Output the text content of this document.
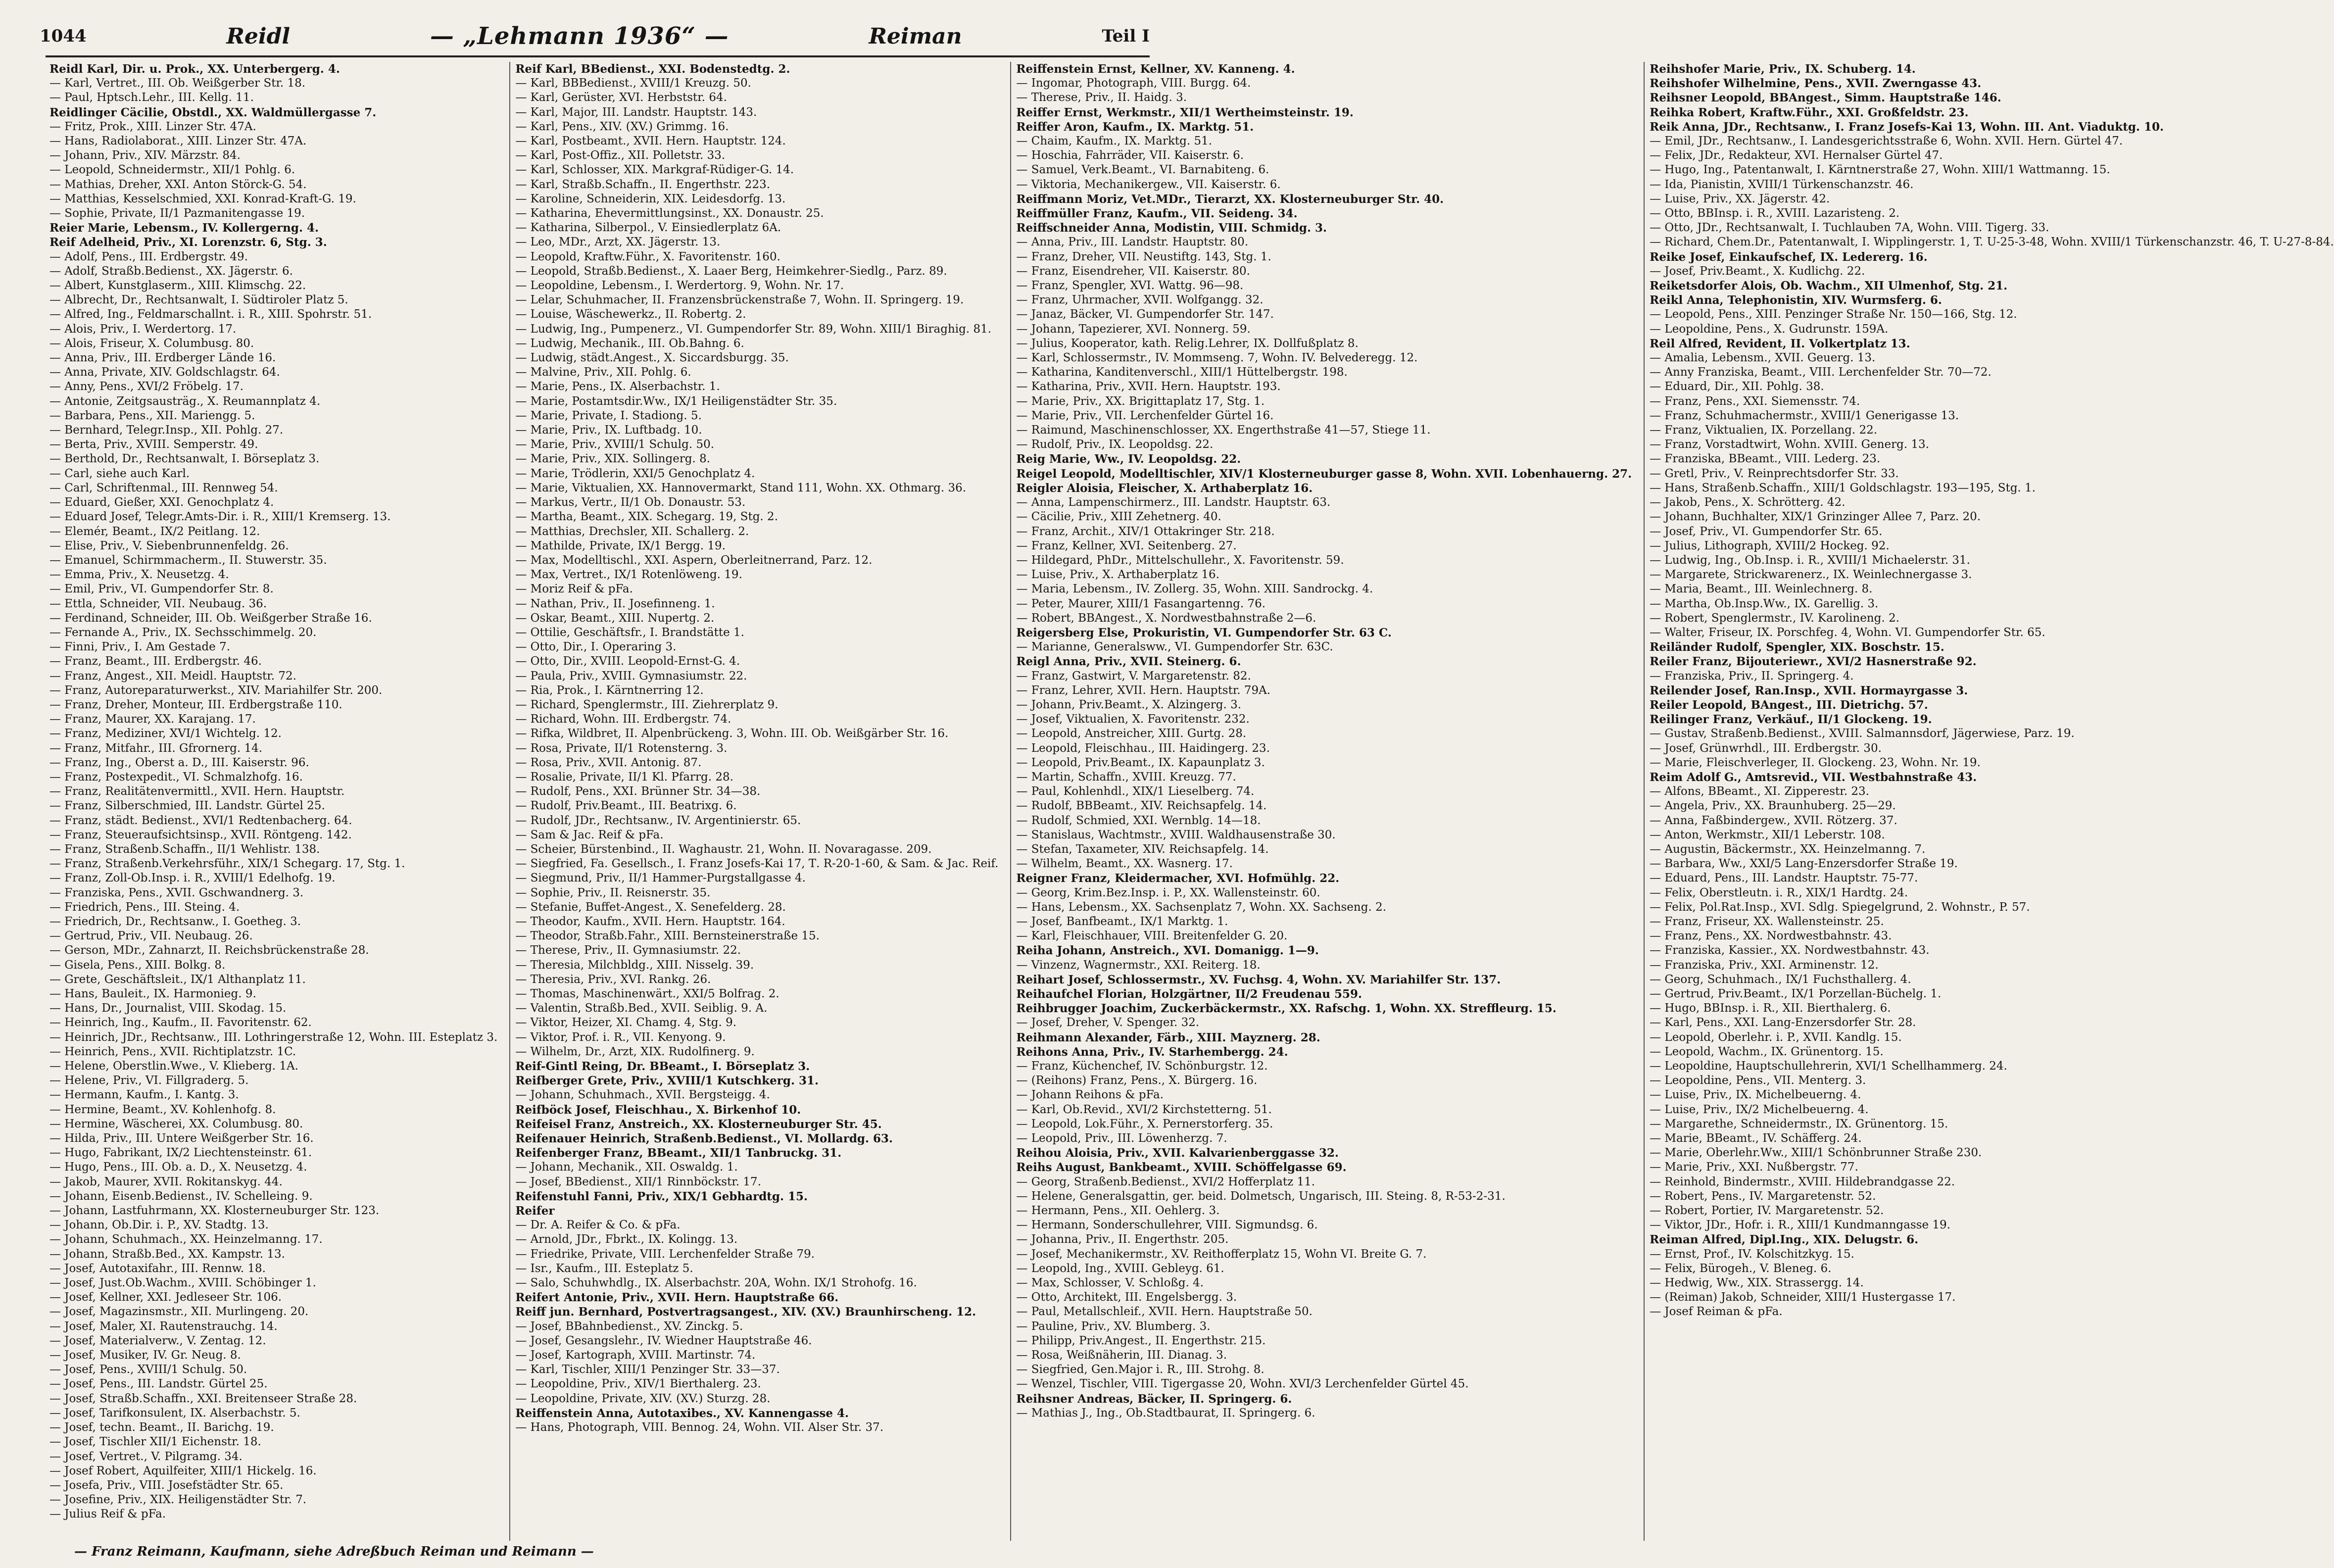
1044	Reidl	— „Lehmann 1936“ —	Reiman	Teil I
Reidl Karl, Dir. u. Prok., XX. Unterbergerg. 4.
— Karl, Vertret., III. Ob. Weißgerber Str. 18.
— Paul, Hptsch.Lehr., III. Kellg. 11.
Reidlinger Cäcilie, Obstdl., XX. Waldmüllergasse 7.
— Fritz, Prok., XIII. Linzer Str. 47A.
— Hans, Radiolaborat., XIII. Linzer Str. 47A.
— Johann, Priv., XIV. Märzstr. 84.
— Leopold, Schneidermstr., XII/1 Pohlg. 6.
— Mathias, Dreher, XXI. Anton Störck-G. 54.
— Matthias, Kesselschmied, XXI. Konrad-Kraft-G. 19.
— Sophie, Private, II/1 Pazmanitengasse 19.
Reier Marie, Lebensm., IV. Kollergerng. 4.
Reif Adelheid, Priv., XI. Lorenzstr. 6, Stg. 3.
— Adolf, Pens., III. Erdbergstr. 49.
— Adolf, Straßb.Bedienst., XX. Jägerstr. 6.
— Albert, Kunstglaserm., XIII. Klimschg. 22.
— Albrecht, Dr., Rechtsanwalt, I. Südtiroler Platz 5.
— Alfred, Ing., Feldmarschallnt. i. R., XIII. Spohrstr. 51.
— Alois, Priv., I. Werdertorg. 17.
— Alois, Friseur, X. Columbusg. 80.
— Anna, Priv., III. Erdberger Lände 16.
— Anna, Private, XIV. Goldschlagstr. 64.
— Anny, Pens., XVI/2 Fröbelg. 17.
— Antonie, Zeitgsausträg., X. Reumannplatz 4.
— Barbara, Pens., XII. Mariengg. 5.
— Bernhard, Telegr.Insp., XII. Pohlg. 27.
— Berta, Priv., XVIII. Semperstr. 49.
— Berthold, Dr., Rechtsanwalt, I. Börseplatz 3.
— Carl, siehe auch Karl.
— Carl, Schriftenmal., III. Rennweg 54.
— Eduard, Gießer, XXI. Genochplatz 4.
— Eduard Josef, Telegr.Amts-Dir. i. R., XIII/1 Kremserg. 13.
— Elemér, Beamt., IX/2 Peitlang. 12.
— Elise, Priv., V. Siebenbrunnenfeldg. 26.
— Emanuel, Schirmmacherm., II. Stuwerstr. 35.
— Emma, Priv., X. Neusetzg. 4.
— Emil, Priv., VI. Gumpendorfer Str. 8.
— Ettla, Schneider, VII. Neubaug. 36.
— Ferdinand, Schneider, III. Ob. Weißgerber Straße 16.
— Fernande A., Priv., IX. Sechsschimmelg. 20.
— Finni, Priv., I. Am Gestade 7.
— Franz, Beamt., III. Erdbergstr. 46.
— Franz, Angest., XII. Meidl. Hauptstr. 72.
— Franz, Autoreparaturwerkst., XIV. Mariahilfer Str. 200.
— Franz, Dreher, Monteur, III. Erdbergstraße 110.
— Franz, Maurer, XX. Karajang. 17.
— Franz, Mediziner, XVI/1 Wichtelg. 12.
— Franz, Mitfahr., III. Gfrornerg. 14.
— Franz, Ing., Oberst a. D., III. Kaiserstr. 96.
— Franz, Postexpedit., VI. Schmalzhofg. 16.
— Franz, Realitätenvermittl., XVII. Hern. Hauptstr.
— Franz, Silberschmied, III. Landstr. Gürtel 25.
— Franz, städt. Bedienst., XVI/1 Redtenbacherg. 64.
— Franz, Steueraufsichtsinsp., XVII. Röntgeng. 142.
— Franz, Straßenb.Schaffn., II/1 Wehlistr. 138.
— Franz, Straßenb.Verkehrsführ., XIX/1 Schegarg. 17, Stg. 1.
— Franz, Zoll-Ob.Insp. i. R., XVIII/1 Edelhofg. 19.
— Franziska, Pens., XVII. Gschwandnerg. 3.
— Friedrich, Pens., III. Steing. 4.
— Friedrich, Dr., Rechtsanw., I. Goetheg. 3.
— Gertrud, Priv., VII. Neubaug. 26.
— Gerson, MDr., Zahnarzt, II. Reichsbrückenstraße 28.
— Gisela, Pens., XIII. Bolkg. 8.
— Grete, Geschäftsleit., IX/1 Althanplatz 11.
— Hans, Bauleit., IX. Harmonieg. 9.
— Hans, Dr., Journalist, VIII. Skodag. 15.
— Heinrich, Ing., Kaufm., II. Favoritenstr. 62.
— Heinrich, JDr., Rechtsanw., III. Lothringerstraße 12, Wohn. III. Esteplatz 3.
— Heinrich, Pens., XVII. Richtiplatzstr. 1C.
— Helene, Oberstlin.Wwe., V. Klieberg. 1A.
— Helene, Priv., VI. Fillgraderg. 5.
— Hermann, Kaufm., I. Kantg. 3.
— Hermine, Beamt., XV. Kohlenhofg. 8.
— Hermine, Wäscherei, XX. Columbusg. 80.
— Hilda, Priv., III. Untere Weißgerber Str. 16.
— Hugo, Fabrikant, IX/2 Liechtensteinstr. 61.
— Hugo, Pens., III. Ob. a. D., X. Neusetzg. 4.
— Jakob, Maurer, XVII. Rokitanskyg. 44.
— Johann, Eisenb.Bedienst., IV. Schelleing. 9.
— Johann, Lastfuhrmann, XX. Klosterneuburger Str. 123.
— Johann, Ob.Dir. i. P., XV. Stadtg. 13.
— Johann, Schuhmach., XX. Heinzelmanng. 17.
— Johann, Straßb.Bed., XX. Kampstr. 13.
— Josef, Autotaxifahr., III. Rennw. 18.
— Josef, Just.Ob.Wachm., XVIII. Schöbinger 1.
— Josef, Kellner, XXI. Jedleseer Str. 106.
— Josef, Magazinsmstr., XII. Murlingeng. 20.
— Josef, Maler, XI. Rautenstrauchg. 14.
— Josef, Materialverw., V. Zentag. 12.
— Josef, Musiker, IV. Gr. Neug. 8.
— Josef, Pens., XVIII/1 Schulg. 50.
— Josef, Pens., III. Landstr. Gürtel 25.
— Josef, Straßb.Schaffn., XXI. Breitenseer Straße 28.
— Josef, Tarifkonsulent, IX. Alserbachstr. 5.
— Josef, techn. Beamt., II. Barichg. 19.
— Josef, Tischler XII/1 Eichenstr. 18.
— Josef, Vertret., V. Pilgramg. 34.
— Josef Robert, Aquilfeiter, XIII/1 Hickelg. 16.
— Josefa, Priv., VIII. Josefstädter Str. 65.
— Josefine, Priv., XIX. Heiligenstädter Str. 7.
— Julius Reif & pFa.
Reif Karl, BBedienst., XXI. Bodenstedtg. 2.
— Karl, BBBedienst., XVIII/1 Kreuzg. 50.
— Karl, Gerüster, XVI. Herbststr. 64.
— Karl, Major, III. Landstr. Hauptstr. 143.
— Karl, Pens., XIV. (XV.) Grimmg. 16.
— Karl, Postbeamt., XVII. Hern. Hauptstr. 124.
— Karl, Post-Offiz., XII. Polletstr. 33.
— Karl, Schlosser, XIX. Markgraf-Rüdiger-G. 14.
— Karl, Straßb.Schaffn., II. Engerthstr. 223.
— Karoline, Schneiderin, XIX. Leidesdorfg. 13.
— Katharina, Ehevermittlungsinst., XX. Donaustr. 25.
— Katharina, Silberpol., V. Einsiedlerplatz 6A.
— Leo, MDr., Arzt, XX. Jägerstr. 13.
— Leopold, Kraftw.Führ., X. Favoritenstr. 160.
— Leopold, Straßb.Bedienst., X. Laaer Berg, Heimkehrer-Siedlg., Parz. 89.
— Leopoldine, Lebensm., I. Werdertorg. 9, Wohn. Nr. 17.
— Lelar, Schuhmacher, II. Franzensbrückenstraße 7, Wohn. II. Springerg. 19.
— Louise, Wäschewerkz., II. Robertg. 2.
— Ludwig, Ing., Pumpenerz., VI. Gumpendorfer Str. 89, Wohn. XIII/1 Biraghig. 81.
— Ludwig, Mechanik., III. Ob.Bahng. 6.
— Ludwig, städt.Angest., X. Siccardsburgg. 35.
— Malvine, Priv., XII. Pohlg. 6.
— Marie, Pens., IX. Alserbachstr. 1.
— Marie, Postamtsdir.Ww., IX/1 Heiligenstädter Str. 35.
— Marie, Private, I. Stadiong. 5.
— Marie, Priv., IX. Luftbadg. 10.
— Marie, Priv., XVIII/1 Schulg. 50.
— Marie, Priv., XIX. Sollingerg. 8.
— Marie, Trödlerin, XXI/5 Genochplatz 4.
— Marie, Viktualien, XX. Hannovermarkt, Stand 111, Wohn. XX. Othmarg. 36.
— Markus, Vertr., II/1 Ob. Donaustr. 53.
— Martha, Beamt., XIX. Schegarg. 19, Stg. 2.
— Matthias, Drechsler, XII. Schallerg. 2.
— Mathilde, Private, IX/1 Bergg. 19.
— Max, Modelltischl., XXI. Aspern, Oberleitnerrand, Parz. 12.
— Max, Vertret., IX/1 Rotenlöweng. 19.
— Moriz Reif & pFa.
— Nathan, Priv., II. Josefinneng. 1.
— Oskar, Beamt., XIII. Nupertg. 2.
— Ottilie, Geschäftsfr., I. Brandstätte 1.
— Otto, Dir., I. Operaring 3.
— Otto, Dir., XVIII. Leopold-Ernst-G. 4.
— Paula, Priv., XVIII. Gymnasiumstr. 22.
— Ria, Prok., I. Kärntnerring 12.
— Richard, Spenglermstr., III. Ziehrerplatz 9.
— Richard, Wohn. III. Erdbergstr. 74.
— Rifka, Wildbret, II. Alpenbrückeng. 3, Wohn. III. Ob. Weißgärber Str. 16.
— Rosa, Private, II/1 Rotensterng. 3.
— Rosa, Priv., XVII. Antonig. 87.
— Rosalie, Private, II/1 Kl. Pfarrg. 28.
— Rudolf, Pens., XXI. Brünner Str. 34—38.
— Rudolf, Priv.Beamt., III. Beatrixg. 6.
— Rudolf, JDr., Rechtsanw., IV. Argentinierstr. 65.
— Sam & Jac. Reif & pFa.
— Scheier, Bürstenbind., II. Waghaustr. 21, Wohn. II. Novaragasse. 209.
— Siegfried, Fa. Gesellsch., I. Franz Josefs-Kai 17, Т. R-20-1-60, & Sam. & Jac. Reif.
— Siegmund, Priv., II/1 Hammer-Purgstallgasse 4.
— Sophie, Priv., II. Reisnerstr. 35.
— Stefanie, Buffet-Angest., X. Senefelderg. 28.
— Theodor, Kaufm., XVII. Hern. Hauptstr. 164.
— Theodor, Straßb.Fahr., XIII. Bernsteinerstraße 15.
— Therese, Priv., II. Gymnasiumstr. 22.
— Theresia, Milchbldg., XIII. Nisselg. 39.
— Theresia, Priv., XVI. Rankg. 26.
— Thomas, Maschinenwärt., XXI/5 Bolfrag. 2.
— Valentin, Straßb.Bed., XVII. Seiblig. 9. A.
— Viktor, Heizer, XI. Chamg. 4, Stg. 9.
— Viktor, Prof. i. R., VII. Kenyong. 9.
— Wilhelm, Dr., Arzt, XIX. Rudolfinerg. 9.
Reif-Gintl Reing, Dr. BBeamt., I. Börseplatz 3.
Reifberger Grete, Priv., XVIII/1 Kutschkerg. 31.
— Johann, Schuhmach., XVII. Bergsteigg. 4.
Reifböck Josef, Fleischhau., X. Birkenhof 10.
Reifeisel Franz, Anstreich., XX. Klosterneuburger Str. 45.
Reifenauer Heinrich, Straßenb.Bedienst., VI. Mollardg. 63.
Reifenberger Franz, BBeamt., XII/1 Tanbruckg. 31.
— Johann, Mechanik., XII. Oswaldg. 1.
— Josef, BBedienst., XII/1 Rinnböckstr. 17.
Reifenstuhl Fanni, Priv., XIX/1 Gebhardtg. 15.
Reifer
— Dr. A. Reifer & Co. & pFa.
— Arnold, JDr., Fbrkt., IX. Kolingg. 13.
— Friedrike, Private, VIII. Lerchenfelder Straße 79.
— Isr., Kaufm., III. Esteplatz 5.
— Salo, Schuhwhdlg., IX. Alserbachstr. 20A, Wohn. IX/1 Strohofg. 16.
Reifert Antonie, Priv., XVII. Hern. Hauptstraße 66.
Reiff jun. Bernhard, Postvertragsangest., XIV. (XV.) Braunhirscheng. 12.
— Josef, BBahnbedienst., XV. Zinckg. 5.
— Josef, Gesangslehr., IV. Wiedner Hauptstraße 46.
— Josef, Kartograph, XVIII. Martinstr. 74.
— Karl, Tischler, XIII/1 Penzinger Str. 33—37.
— Leopoldine, Priv., XIV/1 Bierthalerg. 23.
— Leopoldine, Private, XIV. (XV.) Sturzg. 28.
Reiffenstein Anna, Autotaxibes., XV. Kannengasse 4.
— Hans, Photograph, VIII. Bennog. 24, Wohn. VII. Alser Str. 37.
Reiffenstein Ernst, Kellner, XV. Kanneng. 4.
— Ingomar, Photograph, VIII. Burgg. 64.
— Therese, Priv., II. Haidg. 3.
Reiffer Ernst, Werkmstr., XII/1 Wertheimsteinstr. 19.
Reiffer Aron, Kaufm., IX. Marktg. 51.
— Chaim, Kaufm., IX. Marktg. 51.
— Hoschia, Fahrräder, VII. Kaiserstr. 6.
— Samuel, Verk.Beamt., VI. Barnabiteng. 6.
— Viktoria, Mechanikergew., VII. Kaiserstr. 6.
Reiffmann Moriz, Vet.MDr., Tierarzt, XX. Klosterneuburger Str. 40.
Reiffmüller Franz, Kaufm., VII. Seideng. 34.
Reiffschneider Anna, Modistin, VIII. Schmidg. 3.
— Anna, Priv., III. Landstr. Hauptstr. 80.
— Franz, Dreher, VII. Neustiftg. 143, Stg. 1.
— Franz, Eisendreher, VII. Kaiserstr. 80.
— Franz, Spengler, XVI. Wattg. 96—98.
— Franz, Uhrmacher, XVII. Wolfgangg. 32.
— Janaz, Bäcker, VI. Gumpendorfer Str. 147.
— Johann, Tapezierer, XVI. Nonnerg. 59.
— Julius, Kooperator, kath. Relig.Lehrer, IX. Dollfußplatz 8.
— Karl, Schlossermstr., IV. Mommseng. 7, Wohn. IV. Belvederegg. 12.
— Katharina, Kanditenverschl., XIII/1 Hüttelbergstr. 198.
— Katharina, Priv., XVII. Hern. Hauptstr. 193.
— Marie, Priv., XX. Brigittaplatz 17, Stg. 1.
— Marie, Priv., VII. Lerchenfelder Gürtel 16.
— Raimund, Maschinenschlosser, XX. Engerthstraße 41—57, Stiege 11.
— Rudolf, Priv., IX. Leopoldsg. 22.
Reig Marie, Ww., IV. Leopoldsg. 22.
Reigel Leopold, Modelltischler, XIV/1 Klosterneuburger gasse 8, Wohn. XVII. Lobenhauerng. 27.
Reigler Aloisia, Fleischer, X. Arthaberplatz 16.
— Anna, Lampenschirmerz., III. Landstr. Hauptstr. 63.
— Cäcilie, Priv., XIII Zehetnerg. 40.
— Franz, Archit., XIV/1 Ottakringer Str. 218.
— Franz, Kellner, XVI. Seitenberg. 27.
— Hildegard, PhDr., Mittelschullehr., X. Favoritenstr. 59.
— Luise, Priv., X. Arthaberplatz 16.
— Maria, Lebensm., IV. Zollerg. 35, Wohn. XIII. Sandrockg. 4.
— Peter, Maurer, XIII/1 Fasangartenng. 76.
— Robert, BBAngest., X. Nordwestbahnstraße 2—6.
Reigersberg Else, Prokuristin, VI. Gumpendorfer Str. 63 C.
— Marianne, Generalsww., VI. Gumpendorfer Str. 63C.
Reigl Anna, Priv., XVII. Steinerg. 6.
— Franz, Gastwirt, V. Margaretenstr. 82.
— Franz, Lehrer, XVII. Hern. Hauptstr. 79A.
— Johann, Priv.Beamt., X. Alzingerg. 3.
— Josef, Viktualien, X. Favoritenstr. 232.
— Leopold, Anstreicher, XIII. Gurtg. 28.
— Leopold, Fleischhau., III. Haidingerg. 23.
— Leopold, Priv.Beamt., IX. Kapaunplatz 3.
— Martin, Schaffn., XVIII. Kreuzg. 77.
— Paul, Kohlenhdl., XIX/1 Lieselberg. 74.
— Rudolf, BBBeamt., XIV. Reichsapfelg. 14.
— Rudolf, Schmied, XXI. Wernblg. 14—18.
— Stanislaus, Wachtmstr., XVIII. Waldhausenstraße 30.
— Stefan, Taxameter, XIV. Reichsapfelg. 14.
— Wilhelm, Beamt., XX. Wasnerg. 17.
Reigner Franz, Kleidermacher, XVI. Hofmühlg. 22.
— Georg, Krim.Bez.Insp. i. P., XX. Wallensteinstr. 60.
— Hans, Lebensm., XX. Sachsenplatz 7, Wohn. XX. Sachseng. 2.
— Josef, Banfbeamt., IX/1 Marktg. 1.
— Karl, Fleischhauer, VIII. Breitenfelder G. 20.
Reiha Johann, Anstreich., XVI. Domanigg. 1—9.
— Vinzenz, Wagnermstr., XXI. Reiterg. 18.
Reihart Josef, Schlossermstr., XV. Fuchsg. 4, Wohn. XV. Mariahilfer Str. 137.
Reihaufchel Florian, Holzgärtner, II/2 Freudenau 559.
Reihbrugger Joachim, Zuckerbäckermstr., XX. Rafschg. 1, Wohn. XX. Streffleurg. 15.
— Josef, Dreher, V. Spenger. 32.
Reihmann Alexander, Färb., XIII. Mayznerg. 28.
Reihons Anna, Priv., IV. Starhembergg. 24.
— Franz, Küchenchef, IV. Schönburgstr. 12.
— (Reihons) Franz, Pens., X. Bürgerg. 16.
— Johann Reihons & pFa.
— Karl, Ob.Revid., XVI/2 Kirchstetterng. 51.
— Leopold, Lok.Führ., X. Pernerstorferg. 35.
— Leopold, Priv., III. Löwenherzg. 7.
Reihou Aloisia, Priv., XVII. Kalvarienberggasse 32.
Reihs August, Bankbeamt., XVIII. Schöffelgasse 69.
— Georg, Straßenb.Bedienst., XVI/2 Hofferplatz 11.
— Helene, Generalsgattin, ger. beid. Dolmetsch, Ungarisch, III. Steing. 8, R-53-2-31.
— Hermann, Pens., XII. Oehlerg. 3.
— Hermann, Sonderschullehrer, VIII. Sigmundsg. 6.
— Johanna, Priv., II. Engerthstr. 205.
— Josef, Mechanikermstr., XV. Reithofferplatz 15, Wohn VI. Breite G. 7.
— Leopold, Ing., XVIII. Gebleyg. 61.
— Max, Schlosser, V. Schloßg. 4.
— Otto, Architekt, III. Engelsbergg. 3.
— Paul, Metallschleif., XVII. Hern. Hauptstraße 50.
— Pauline, Priv., XV. Blumberg. 3.
— Philipp, Priv.Angest., II. Engerthstr. 215.
— Rosa, Weißnäherin, III. Dianag. 3.
— Siegfried, Gen.Major i. R., III. Strohg. 8.
— Wenzel, Tischler, VIII. Tigergasse 20, Wohn. XVI/3 Lerchenfelder Gürtel 45.
Reihsner Andreas, Bäcker, II. Springerg. 6.
— Mathias J., Ing., Ob.Stadtbaurat, II. Springerg. 6.
Reihshofer Marie, Priv., IX. Schuberg. 14.
Reihshofer Wilhelmine, Pens., XVII. Zwerngasse 43.
Reihsner Leopold, BBAngest., Simm. Hauptstraße 146.
Reihka Robert, Kraftw.Führ., XXI. Großfeldstr. 23.
Reik Anna, JDr., Rechtsanw., I. Franz Josefs-Kai 13, Wohn. III. Ant. Viaduktg. 10.
— Emil, JDr., Rechtsanw., I. Landesgerichtsstraße 6, Wohn. XVII. Hern. Gürtel 47.
— Felix, JDr., Redakteur, XVI. Hernalser Gürtel 47.
— Hugo, Ing., Patentanwalt, I. Kärntnerstraße 27, Wohn. XIII/1 Wattmanng. 15.
— Ida, Pianistin, XVIII/1 Türkenschanzstr. 46.
— Luise, Priv., XX. Jägerstr. 42.
— Otto, BBInsp. i. R., XVIII. Lazaristeng. 2.
— Otto, JDr., Rechtsanwalt, I. Tuchlauben 7A, Wohn. VIII. Tigerg. 33.
— Richard, Chem.Dr., Patentanwalt, I. Wipplingerstr. 1, T. U-25-3-48, Wohn. XVIII/1 Türkenschanzstr. 46, T. U-27-8-84.
Reike Josef, Einkaufschef, IX. Ledererg. 16.
— Josef, Priv.Beamt., X. Kudlichg. 22.
Reiketsdorfer Alois, Ob. Wachm., XII Ulmenhof, Stg. 21.
Reikl Anna, Telephonistin, XIV. Wurmsferg. 6.
— Leopold, Pens., XIII. Penzinger Straße Nr. 150—166, Stg. 12.
— Leopoldine, Pens., X. Gudrunstr. 159A.
Reil Alfred, Revident, II. Volkertplatz 13.
— Amalia, Lebensm., XVII. Geuerg. 13.
— Anny Franziska, Beamt., VIII. Lerchenfelder Str. 70—72.
— Eduard, Dir., XII. Pohlg. 38.
— Franz, Pens., XXI. Siemensstr. 74.
— Franz, Schuhmachermstr., XVIII/1 Generigasse 13.
— Franz, Viktualien, IX. Porzellang. 22.
— Franz, Vorstadtwirt, Wohn. XVIII. Generg. 13.
— Franziska, BBeamt., VIII. Lederg. 23.
— Gretl, Priv., V. Reinprechtsdorfer Str. 33.
— Hans, Straßenb.Schaffn., XIII/1 Goldschlagstr. 193—195, Stg. 1.
— Jakob, Pens., X. Schrötterg. 42.
— Johann, Buchhalter, XIX/1 Grinzinger Allee 7, Parz. 20.
— Josef, Priv., VI. Gumpendorfer Str. 65.
— Julius, Lithograph, XVIII/2 Hockeg. 92.
— Ludwig, Ing., Ob.Insp. i. R., XVIII/1 Michaelerstr. 31.
— Margarete, Strickwarenerz., IX. Weinlechnergasse 3.
— Maria, Beamt., III. Weinlechnerg. 8.
— Martha, Ob.Insp.Ww., IX. Garellig. 3.
— Robert, Spenglermstr., IV. Karolineng. 2.
— Walter, Friseur, IX. Porschfeg. 4, Wohn. VI. Gumpendorfer Str. 65.
Reiländer Rudolf, Spengler, XIX. Boschstr. 15.
Reiler Franz, Bijouteriewr., XVI/2 Hasnerstraße 92.
— Franziska, Priv., II. Springerg. 4.
Reilender Josef, Ran.Insp., XVII. Hormayrgasse 3.
Reiler Leopold, BAngest., III. Dietrichg. 57.
Reilinger Franz, Verkäuf., II/1 Glockeng. 19.
— Gustav, Straßenb.Bedienst., XVIII. Salmannsdorf, Jägerwiese, Parz. 19.
— Josef, Grünwrhdl., III. Erdbergstr. 30.
— Marie, Fleischverleger, II. Glockeng. 23, Wohn. Nr. 19.
Reim Adolf G., Amtsrevid., VII. Westbahnstraße 43.
— Alfons, BBeamt., XI. Zipperestr. 23.
— Angela, Priv., XX. Braunhuberg. 25—29.
— Anna, Faßbindergew., XVII. Rötzerg. 37.
— Anton, Werkmstr., XII/1 Leberstr. 108.
— Augustin, Bäckermstr., XX. Heinzelmanng. 7.
— Barbara, Ww., XXI/5 Lang-Enzersdorfer Straße 19.
— Eduard, Pens., III. Landstr. Hauptstr. 75-77.
— Felix, Oberstleutn. i. R., XIX/1 Hardtg. 24.
— Felix, Pol.Rat.Insp., XVI. Sdlg. Spiegelgrund, 2. Wohnstr., P. 57.
— Franz, Friseur, XX. Wallensteinstr. 25.
— Franz, Pens., XX. Nordwestbahnstr. 43.
— Franziska, Kassier., XX. Nordwestbahnstr. 43.
— Franziska, Priv., XXI. Arminenstr. 12.
— Georg, Schuhmach., IX/1 Fuchsthallerg. 4.
— Gertrud, Priv.Beamt., IX/1 Porzellan-Büchelg. 1.
— Hugo, BBInsp. i. R., XII. Bierthalerg. 6.
— Karl, Pens., XXI. Lang-Enzersdorfer Str. 28.
— Leopold, Oberlehr. i. P., XVII. Kandlg. 15.
— Leopold, Wachm., IX. Grünentorg. 15.
— Leopoldine, Hauptschullehrerin, XVI/1 Schellhammerg. 24.
— Leopoldine, Pens., VII. Menterg. 3.
— Luise, Priv., IX. Michelbeuerng. 4.
— Luise, Priv., IX/2 Michelbeuerng. 4.
— Margarethe, Schneidermstr., IX. Grünentorg. 15.
— Marie, BBeamt., IV. Schäfferg. 24.
— Marie, Oberlehr.Ww., XIII/1 Schönbrunner Straße 230.
— Marie, Priv., XXI. Nußbergstr. 77.
— Reinhold, Bindermstr., XVIII. Hildebrandgasse 22.
— Robert, Pens., IV. Margaretenstr. 52.
— Robert, Portier, IV. Margaretenstr. 52.
— Viktor, JDr., Hofr. i. R., XIII/1 Kundmanngasse 19.
Reiman Alfred, Dipl.Ing., XIX. Delugstr. 6.
— Ernst, Prof., IV. Kolschitzkyg. 15.
— Felix, Bürogeh., V. Bleneg. 6.
— Hedwig, Ww., XIX. Strassergg. 14.
— (Reiman) Jakob, Schneider, XIII/1 Hustergasse 17.
— Josef Reiman & pFa.
— Franz Reimann, Kaufmann, siehe Adreßbuch Reiman und Reimann —
